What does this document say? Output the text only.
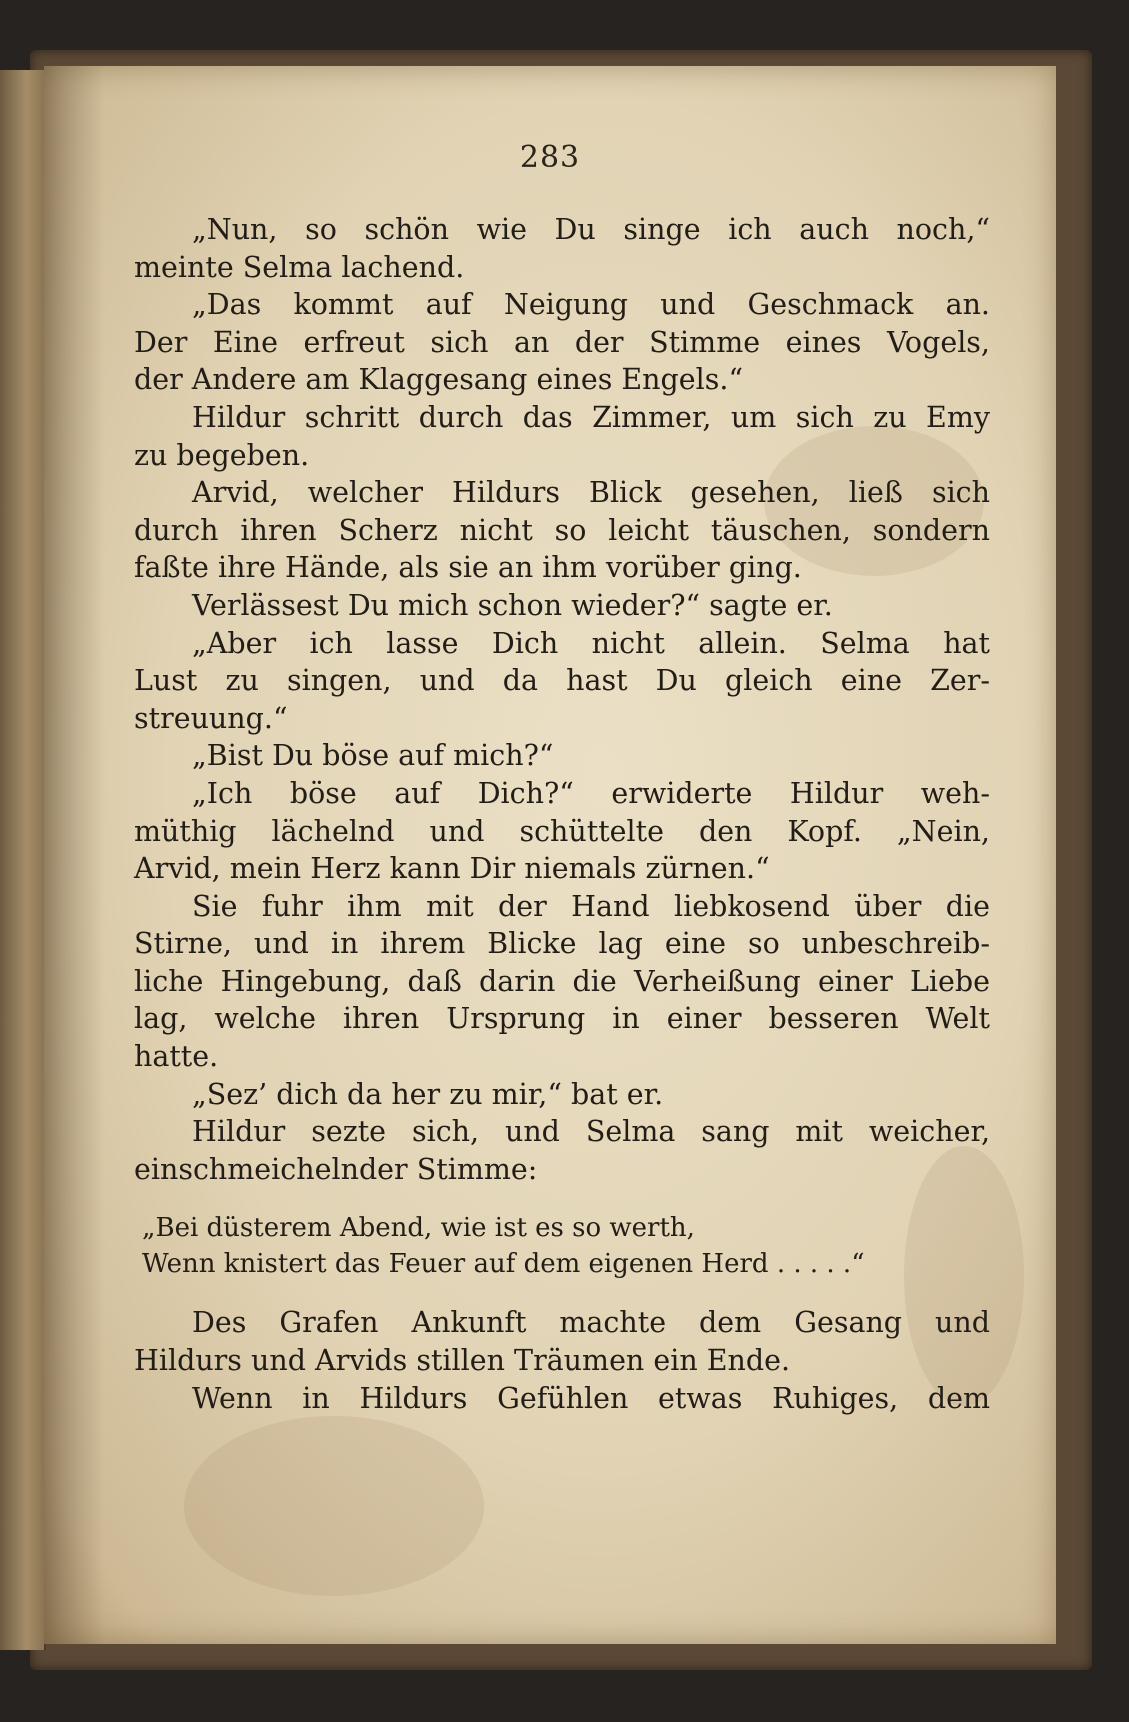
283
„Nun, so schön wie Du singe ich auch noch,“
meinte Selma lachend.
„Das kommt auf Neigung und Geschmack an.
Der Eine erfreut sich an der Stimme eines Vogels,
der Andere am Klaggesang eines Engels.“
Hildur schritt durch das Zimmer, um sich zu Emy
zu begeben.
Arvid, welcher Hildurs Blick gesehen, ließ sich
durch ihren Scherz nicht so leicht täuschen, sondern
faßte ihre Hände, als sie an ihm vorüber ging.
Verlässest Du mich schon wieder?“ sagte er.
„Aber ich lasse Dich nicht allein. Selma hat
Lust zu singen, und da hast Du gleich eine Zer-
streuung.“
„Bist Du böse auf mich?“
„Ich böse auf Dich?“ erwiderte Hildur weh-
müthig lächelnd und schüttelte den Kopf. „Nein,
Arvid, mein Herz kann Dir niemals zürnen.“
Sie fuhr ihm mit der Hand liebkosend über die
Stirne, und in ihrem Blicke lag eine so unbeschreib-
liche Hingebung, daß darin die Verheißung einer Liebe
lag, welche ihren Ursprung in einer besseren Welt
hatte.
„Sez’ dich da her zu mir,“ bat er.
Hildur sezte sich, und Selma sang mit weicher,
einschmeichelnder Stimme:
„Bei düsterem Abend, wie ist es so werth,
Wenn knistert das Feuer auf dem eigenen Herd . . . . .“
Des Grafen Ankunft machte dem Gesang und
Hildurs und Arvids stillen Träumen ein Ende.
Wenn in Hildurs Gefühlen etwas Ruhiges, dem
